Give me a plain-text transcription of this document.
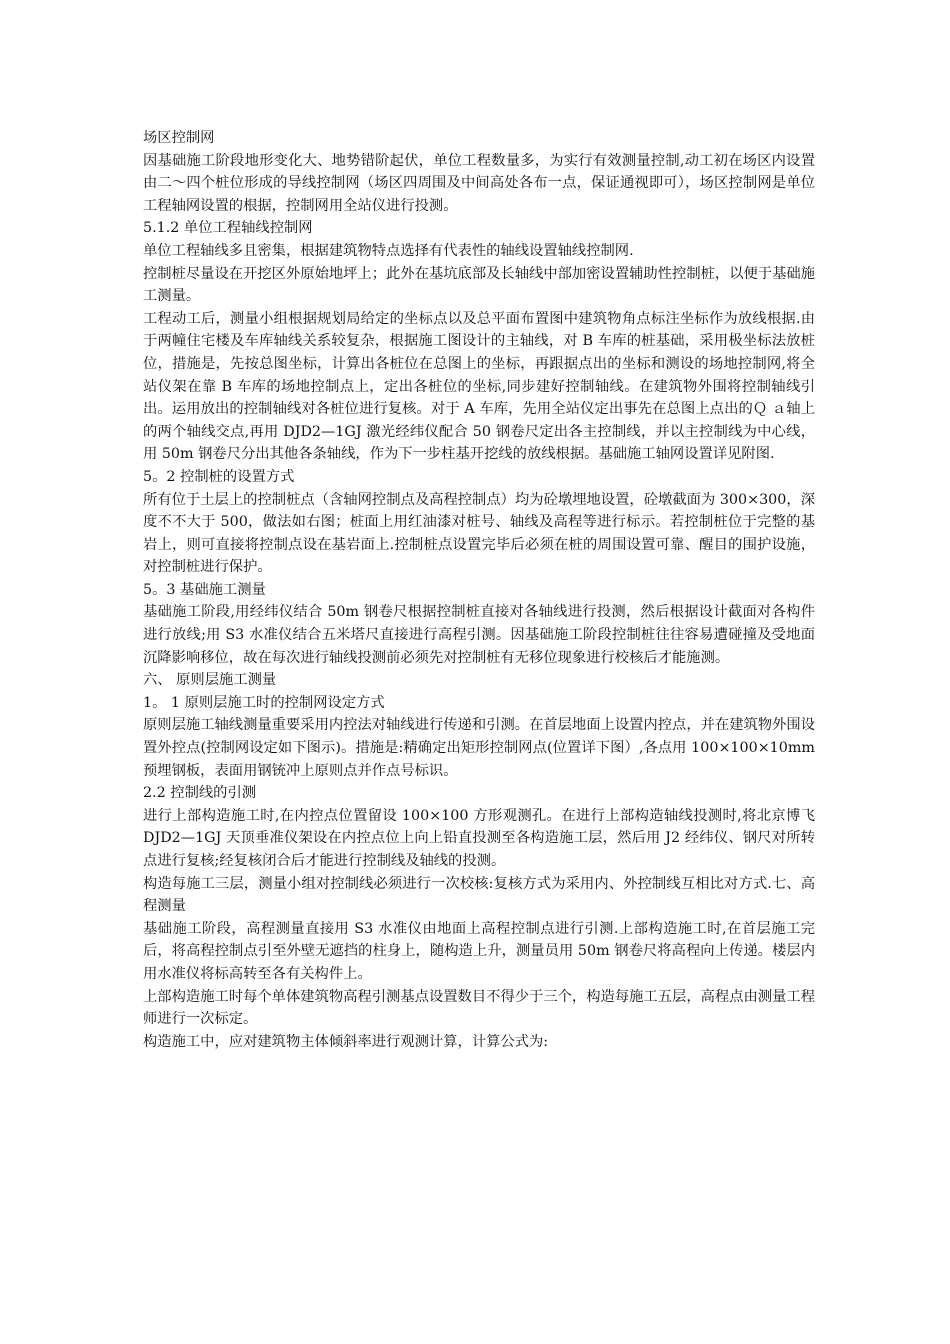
场区控制网
因基础施工阶段地形变化大、地势错阶起伏，单位工程数量多，为实行有效测量控制,动工初在场区内设置由二～四个桩位形成的导线控制网（场区四周围及中间高处各布一点，保证通视即可），场区控制网是单位工程轴网设置的根据，控制网用全站仪进行投测。
5.1.2 单位工程轴线控制网
单位工程轴线多且密集，根据建筑物特点选择有代表性的轴线设置轴线控制网.
控制桩尽量设在开挖区外原始地坪上；此外在基坑底部及长轴线中部加密设置辅助性控制桩，以便于基础施工测量。
工程动工后，测量小组根据规划局给定的坐标点以及总平面布置图中建筑物角点标注坐标作为放线根据.由于两幢住宅楼及车库轴线关系较复杂，根据施工图设计的主轴线，对 B 车库的桩基础，采用极坐标法放桩位，措施是，先按总图坐标，计算出各桩位在总图上的坐标，再跟据点出的坐标和测设的场地控制网,将全站仪架在靠 B 车库的场地控制点上，定出各桩位的坐标,同步建好控制轴线。在建筑物外围将控制轴线引出。运用放出的控制轴线对各桩位进行复核。对于 A 车库，先用全站仪定出事先在总图上点出的Ｑ ａ轴上的两个轴线交点,再用 DJD2—1GJ 激光经纬仪配合 50 钢卷尺定出各主控制线，并以主控制线为中心线，用 50m 钢卷尺分出其他各条轴线，作为下一步柱基开挖线的放线根据。基础施工轴网设置详见附图.
5。2 控制桩的设置方式
所有位于土层上的控制桩点（含轴网控制点及高程控制点）均为砼墩埋地设置，砼墩截面为 300×300，深度不不大于 500，做法如右图；桩面上用红油漆对桩号、轴线及高程等进行标示。若控制桩位于完整的基岩上，则可直接将控制点设在基岩面上.控制桩点设置完毕后必须在桩的周围设置可靠、醒目的围护设施，对控制桩进行保护。
5。3 基础施工测量
基础施工阶段,用经纬仪结合 50m 钢卷尺根据控制桩直接对各轴线进行投测，然后根据设计截面对各构件进行放线;用 S3 水准仪结合五米塔尺直接进行高程引测。因基础施工阶段控制桩往往容易遭碰撞及受地面沉降影响移位，故在每次进行轴线投测前必须先对控制桩有无移位现象进行校核后才能施测。
六、 原则层施工测量
1。 1 原则层施工时的控制网设定方式
原则层施工轴线测量重要采用内控法对轴线进行传递和引测。在首层地面上设置内控点，并在建筑物外围设置外控点(控制网设定如下图示)。措施是:精确定出矩形控制网点(位置详下图）,各点用 100×100×10mm 预埋钢板，表面用钢铳冲上原则点并作点号标识。
2.2 控制线的引测
进行上部构造施工时,在内控点位置留设 100×100 方形观测孔。在进行上部构造轴线投测时,将北京博飞 DJD2—1GJ 天顶垂准仪架设在内控点位上向上铅直投测至各构造施工层，然后用 J2 经纬仪、钢尺对所转点进行复核;经复核闭合后才能进行控制线及轴线的投测。
构造每施工三层，测量小组对控制线必须进行一次校核:复核方式为采用内、外控制线互相比对方式.七、高程测量
基础施工阶段，高程测量直接用 S3 水准仪由地面上高程控制点进行引测.上部构造施工时,在首层施工完后，将高程控制点引至外壁无遮挡的柱身上，随构造上升，测量员用 50m 钢卷尺将高程向上传递。楼层内用水准仪将标高转至各有关构件上。
上部构造施工时每个单体建筑物高程引测基点设置数目不得少于三个，构造每施工五层，高程点由测量工程师进行一次标定。
构造施工中，应对建筑物主体倾斜率进行观测计算，计算公式为:
